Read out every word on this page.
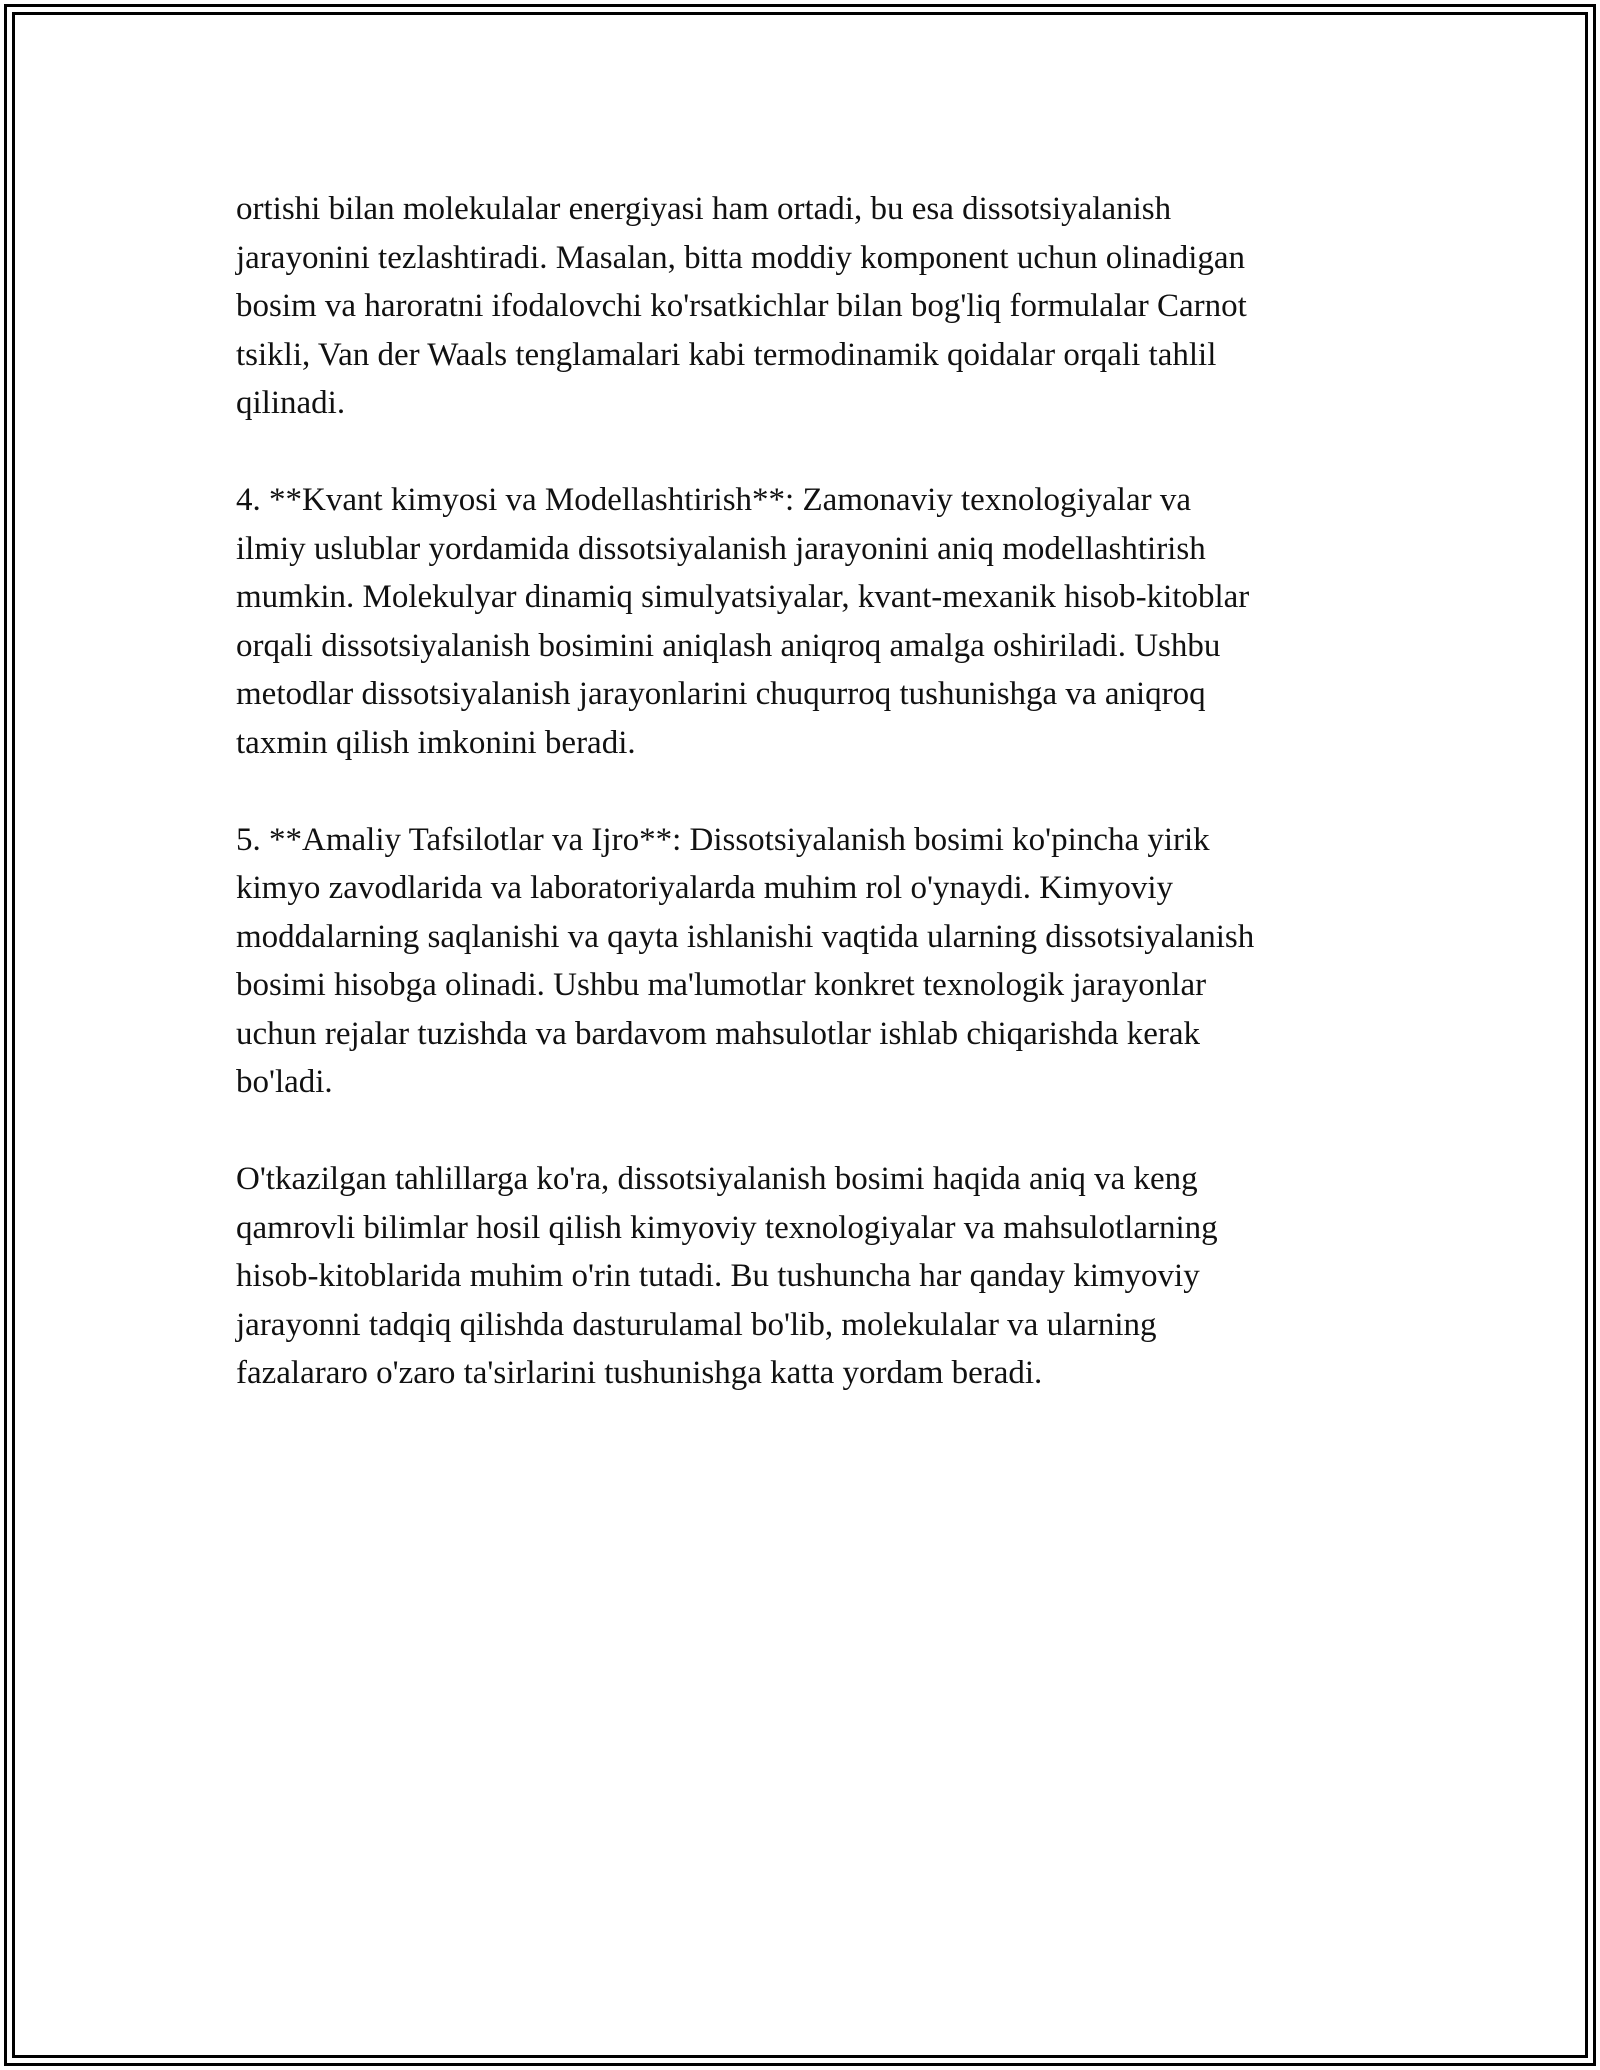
ortishi bilan molekulalar energiyasi ham ortadi, bu esa dissotsiyalanish
jarayonini tezlashtiradi. Masalan, bitta moddiy komponent uchun olinadigan
bosim va haroratni ifodalovchi ko'rsatkichlar bilan bog'liq formulalar Carnot
tsikli, Van der Waals tenglamalari kabi termodinamik qoidalar orqali tahlil
qilinadi.

4. **Kvant kimyosi va Modellashtirish**: Zamonaviy texnologiyalar va
ilmiy uslublar yordamida dissotsiyalanish jarayonini aniq modellashtirish
mumkin. Molekulyar dinamiq simulyatsiyalar, kvant-mexanik hisob-kitoblar
orqali dissotsiyalanish bosimini aniqlash aniqroq amalga oshiriladi. Ushbu
metodlar dissotsiyalanish jarayonlarini chuqurroq tushunishga va aniqroq
taxmin qilish imkonini beradi.

5. **Amaliy Tafsilotlar va Ijro**: Dissotsiyalanish bosimi ko'pincha yirik
kimyo zavodlarida va laboratoriyalarda muhim rol o'ynaydi. Kimyoviy
moddalarning saqlanishi va qayta ishlanishi vaqtida ularning dissotsiyalanish
bosimi hisobga olinadi. Ushbu ma'lumotlar konkret texnologik jarayonlar
uchun rejalar tuzishda va bardavom mahsulotlar ishlab chiqarishda kerak
bo'ladi.

O'tkazilgan tahlillarga ko'ra, dissotsiyalanish bosimi haqida aniq va keng
qamrovli bilimlar hosil qilish kimyoviy texnologiyalar va mahsulotlarning
hisob-kitoblarida muhim o'rin tutadi. Bu tushuncha har qanday kimyoviy
jarayonni tadqiq qilishda dasturulamal bo'lib, molekulalar va ularning
fazalararo o'zaro ta'sirlarini tushunishga katta yordam beradi.
